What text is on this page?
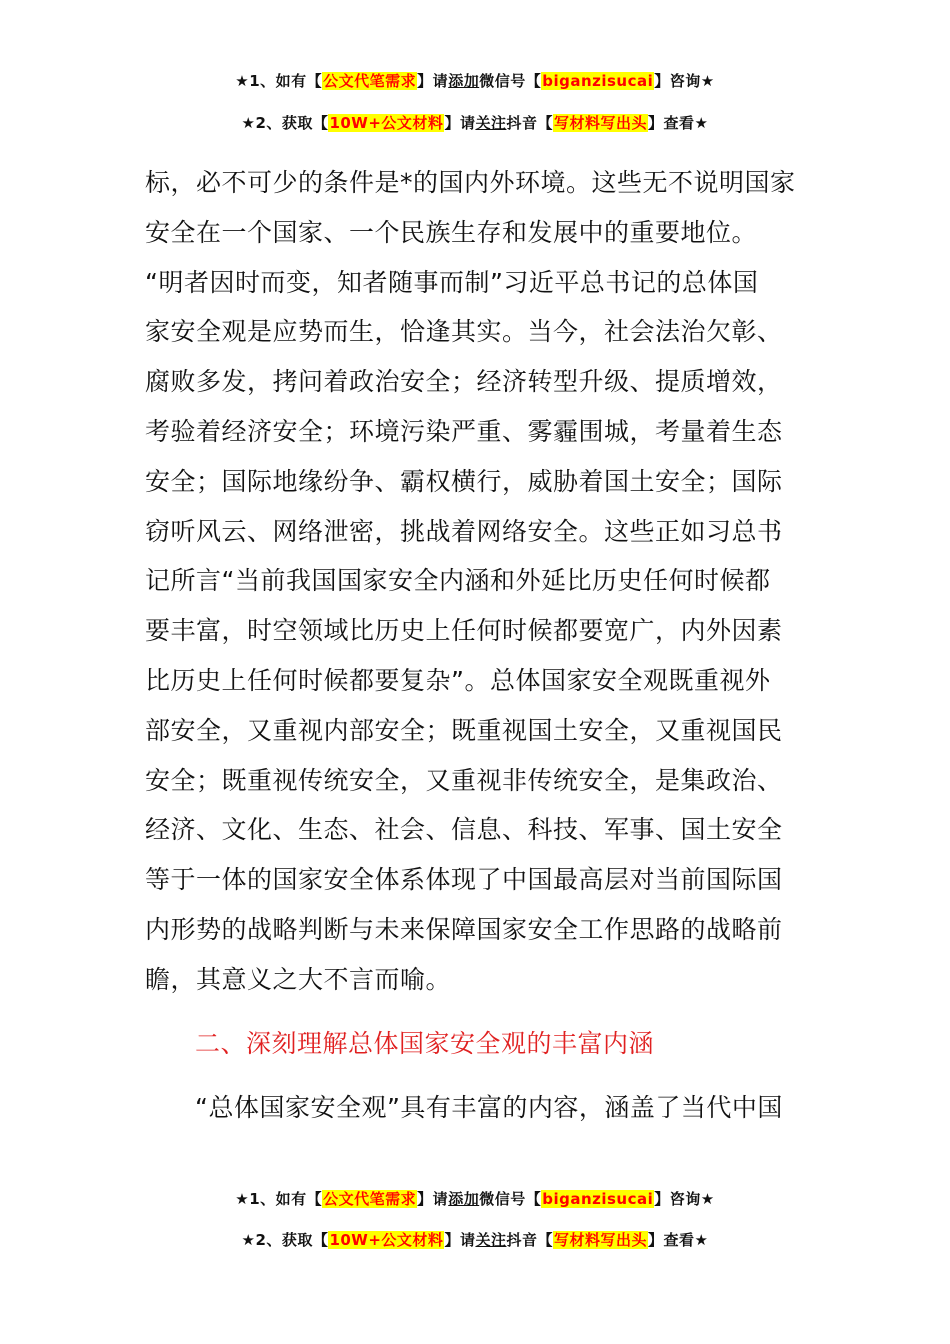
★1、如有【公文代笔需求】请添加微信号【biganzisucai】咨询★
★2、获取【10W+公文材料】请关注抖音【写材料写出头】查看★

标，必不可少的条件是*的国内外环境。这些无不说明国家

安全在一个国家、一个民族生存和发展中的重要地位。

“明者因时而变，知者随事而制”习近平总书记的总体国

家安全观是应势而生，恰逢其实。当今，社会法治欠彰、

腐败多发，拷问着政治安全；经济转型升级、提质增效，

考验着经济安全；环境污染严重、雾霾围城，考量着生态

安全；国际地缘纷争、霸权横行，威胁着国土安全；国际

窃听风云、网络泄密，挑战着网络安全。这些正如习总书

记所言“当前我国国家安全内涵和外延比历史任何时候都

要丰富，时空领域比历史上任何时候都要宽广，内外因素

比历史上任何时候都要复杂”。总体国家安全观既重视外

部安全，又重视内部安全；既重视国土安全，又重视国民

安全；既重视传统安全，又重视非传统安全，是集政治、

经济、文化、生态、社会、信息、科技、军事、国土安全

等于一体的国家安全体系体现了中国最高层对当前国际国

内形势的战略判断与未来保障国家安全工作思路的战略前

瞻，其意义之大不言而喻。

二、深刻理解总体国家安全观的丰富内涵
“总体国家安全观”具有丰富的内容，涵盖了当代中国
★1、如有【公文代笔需求】请添加微信号【biganzisucai】咨询★
★2、获取【10W+公文材料】请关注抖音【写材料写出头】查看★
